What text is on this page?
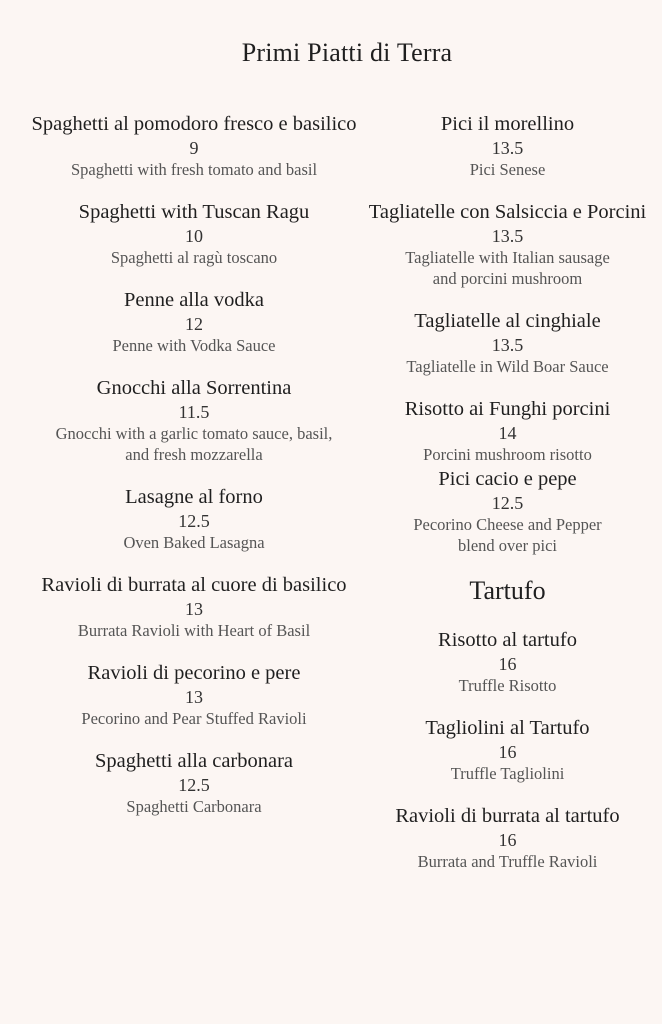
Primi Piatti di Terra
Spaghetti al pomodoro fresco e basilico
9
Spaghetti with fresh tomato and basil
Spaghetti with Tuscan Ragu
10
Spaghetti al ragù toscano
Penne alla vodka
12
Penne with Vodka Sauce
Gnocchi alla Sorrentina
11.5
Gnocchi with a garlic tomato sauce, basil,
and fresh mozzarella
Lasagne al forno
12.5
Oven Baked Lasagna
Ravioli di burrata al cuore di basilico
13
Burrata Ravioli with Heart of Basil
Ravioli di pecorino e pere
13
Pecorino and Pear Stuffed Ravioli
Spaghetti alla carbonara
12.5
Spaghetti Carbonara
Pici il morellino
13.5
Pici Senese
Tagliatelle con Salsiccia e Porcini
13.5
Tagliatelle with Italian sausage
and porcini mushroom
Tagliatelle al cinghiale
13.5
Tagliatelle in Wild Boar Sauce
Risotto ai Funghi porcini
14
Porcini mushroom risotto
Pici cacio e pepe
12.5
Pecorino Cheese and Pepper
blend over pici
Tartufo
Risotto al tartufo
16
Truffle Risotto
Tagliolini al Tartufo
16
Truffle Tagliolini
Ravioli di burrata al tartufo
16
Burrata and Truffle Ravioli
